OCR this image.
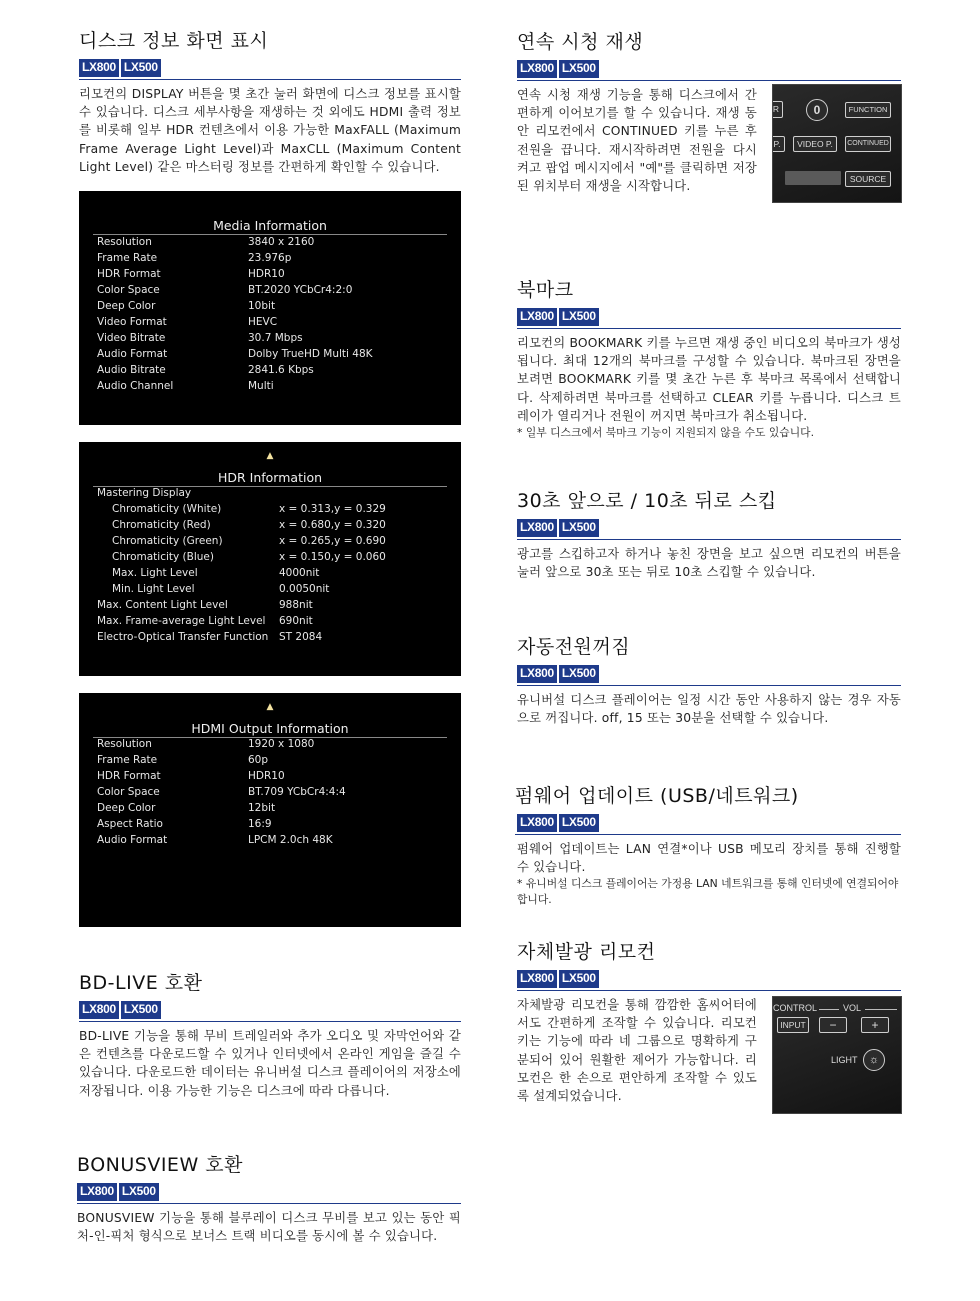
디스크 정보 화면 표시
LX800 LX500
리모컨의 DISPLAY 버튼을 몇 초간 눌러 화면에 디스크 정보를 표시할 수 있습니다. 디스크 세부사항을 재생하는 것 외에도 HDMI 출력 정보를 비롯해 일부 HDR 컨텐츠에서 이용 가능한 MaxFALL (Maximum Frame Average Light Level)과 MaxCLL (Maximum Content Light Level) 같은 마스터링 정보를 간편하게 확인할 수 있습니다.
Media Information
Resolution	3840 x 2160
Frame Rate	23.976p
HDR Format	HDR10
Color Space	BT.2020 YCbCr4:2:0
Deep Color	10bit
Video Format	HEVC
Video Bitrate	30.7 Mbps
Audio Format	Dolby TrueHD Multi 48K
Audio Bitrate	2841.6 Kbps
Audio Channel	Multi
▲
HDR Information
Mastering Display
Chromaticity (White)	x = 0.313,y = 0.329
Chromaticity (Red)	x = 0.680,y = 0.320
Chromaticity (Green)	x = 0.265,y = 0.690
Chromaticity (Blue)	x = 0.150,y = 0.060
Max. Light Level	4000nit
Min. Light Level	0.0050nit
Max. Content Light Level	988nit
Max. Frame-average Light Level 690nit
Electro-Optical Transfer Function ST 2084
▲
HDMI Output Information
Resolution	1920 x 1080
Frame Rate	60p
HDR Format	HDR10
Color Space	BT.709 YCbCr4:4:4
Deep Color	12bit
Aspect Ratio	16:9
Audio Format	LPCM 2.0ch 48K
BD-LIVE 호환
LX800 LX500
BD-LIVE 기능을 통해 무비 트레일러와 추가 오디오 및 자막언어와 같은 컨텐츠를 다운로드할 수 있거나 인터넷에서 온라인 게임을 즐길 수 있습니다. 다운로드한 데이터는 유니버설 디스크 플레이어의 저장소에 저장됩니다. 이용 가능한 기능은 디스크에 따라 다릅니다.
BONUSVIEW 호환
LX800 LX500
BONUSVIEW 기능을 통해 블루레이 디스크 무비를 보고 있는 동안 픽처-인-픽처 형식으로 보너스 트랙 비디오를 동시에 볼 수 있습니다.
연속 시청 재생
LX800 LX500
연속 시청 재생 기능을 통해 디스크에서 간편하게 이어보기를 할 수 있습니다. 재생 동안 리모컨에서 CONTINUED 키를 누른 후 전원을 끕니다. 재시작하려면 전원을 다시 켜고 팝업 메시지에서 "예"를 클릭하면 저장된 위치부터 재생을 시작합니다.
R	0	FUNCTION
P.	VIDEO P.	CONTINUED
SOURCE
북마크
LX800 LX500
리모컨의 BOOKMARK 키를 누르면 재생 중인 비디오의 북마크가 생성됩니다. 최대 12개의 북마크를 구성할 수 있습니다. 북마크된 장면을 보려면 BOOKMARK 키를 몇 초간 누른 후 북마크 목록에서 선택합니다. 삭제하려면 북마크를 선택하고 CLEAR 키를 누릅니다. 디스크 트레이가 열리거나 전원이 꺼지면 북마크가 취소됩니다.
* 일부 디스크에서 북마크 기능이 지원되지 않을 수도 있습니다.
30초 앞으로 / 10초 뒤로 스킵
LX800 LX500
광고를 스킵하고자 하거나 놓친 장면을 보고 싶으면 리모컨의 버튼을 눌러 앞으로 30초 또는 뒤로 10초 스킵할 수 있습니다.
자동전원꺼짐
LX800 LX500
유니버설 디스크 플레이어는 일정 시간 동안 사용하지 않는 경우 자동으로 꺼집니다. off, 15 또는 30분을 선택할 수 있습니다.
펌웨어 업데이트 (USB/네트워크)
LX800 LX500
펌웨어 업데이트는 LAN 연결*이나 USB 메모리 장치를 통해 진행할 수 있습니다.
* 유니버설 디스크 플레이어는 가정용 LAN 네트워크를 통해 인터넷에 연결되어야 합니다.
자체발광 리모컨
LX800 LX500
자체발광 리모컨을 통해 깜깜한 홈씨어터에서도 간편하게 조작할 수 있습니다. 리모컨 키는 기능에 따라 네 그룹으로 명확하게 구분되어 있어 원활한 제어가 가능합니다. 리모컨은 한 손으로 편안하게 조작할 수 있도록 설계되었습니다.
CONTROL	VOL
INPUT	−	+
LIGHT	☼
